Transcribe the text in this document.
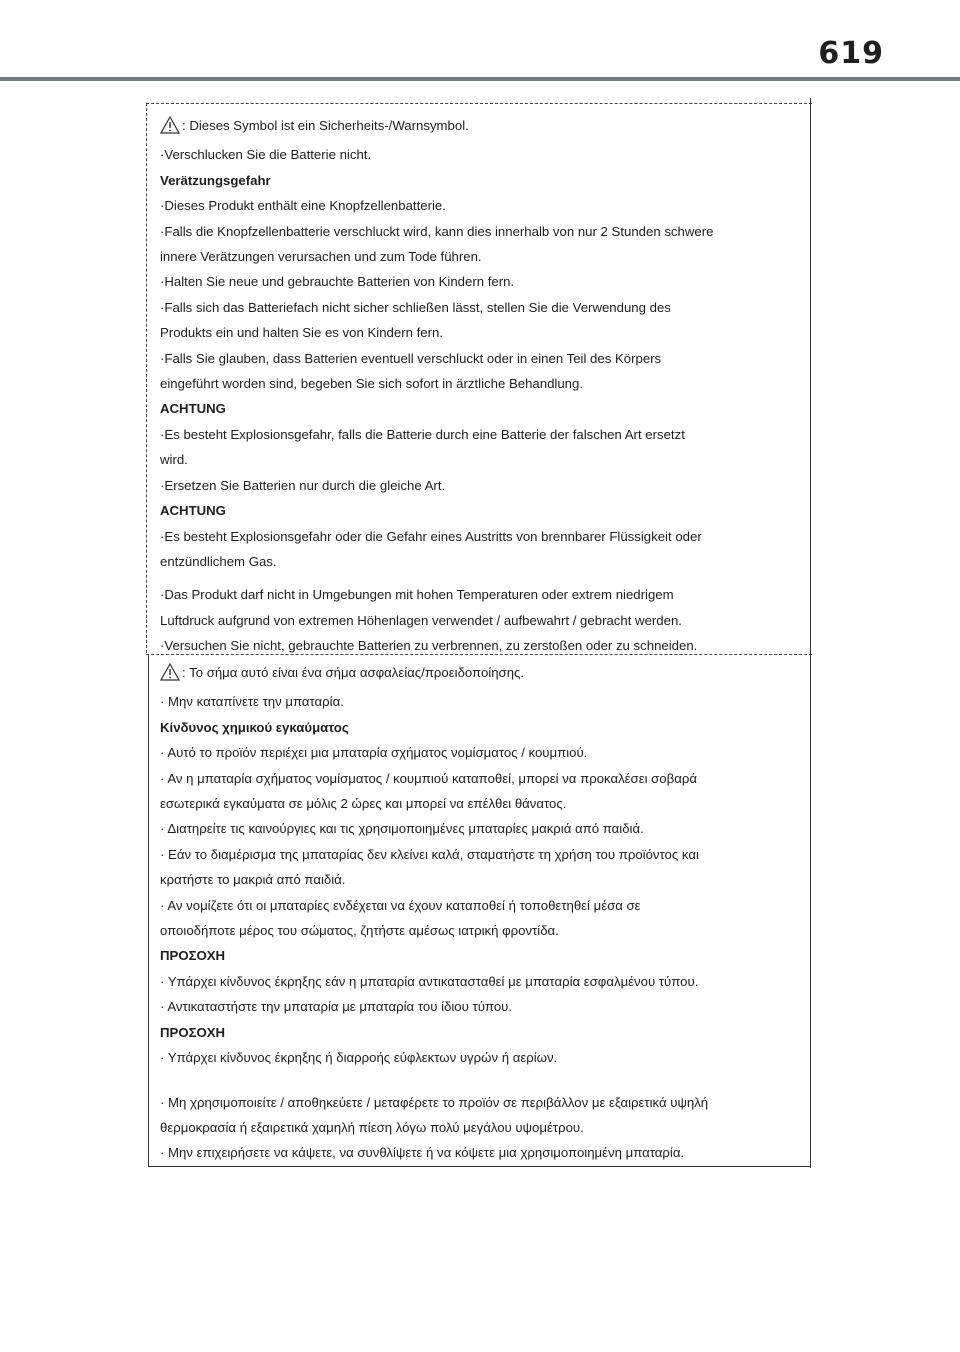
619

: Dieses Symbol ist ein Sicherheits-/Warnsymbol.

·Verschlucken Sie die Batterie nicht.

Verätzungsgefahr

·Dieses Produkt enthält eine Knopfzellenbatterie.

·Falls die Knopfzellenbatterie verschluckt wird, kann dies innerhalb von nur 2 Stunden schwere

innere Verätzungen verursachen und zum Tode führen.

·Halten Sie neue und gebrauchte Batterien von Kindern fern.

·Falls sich das Batteriefach nicht sicher schließen lässt, stellen Sie die Verwendung des

Produkts ein und halten Sie es von Kindern fern.

·Falls Sie glauben, dass Batterien eventuell verschluckt oder in einen Teil des Körpers

eingeführt worden sind, begeben Sie sich sofort in ärztliche Behandlung.

ACHTUNG

·Es besteht Explosionsgefahr, falls die Batterie durch eine Batterie der falschen Art ersetzt

wird.

·Ersetzen Sie Batterien nur durch die gleiche Art.

ACHTUNG

·Es besteht Explosionsgefahr oder die Gefahr eines Austritts von brennbarer Flüssigkeit oder

entzündlichem Gas.

·Das Produkt darf nicht in Umgebungen mit hohen Temperaturen oder extrem niedrigem

Luftdruck aufgrund von extremen Höhenlagen verwendet / aufbewahrt / gebracht werden.

·Versuchen Sie nicht, gebrauchte Batterien zu verbrennen, zu zerstoßen oder zu schneiden.

: Το σήμα αυτό είναι ένα σήμα ασφαλείας/προειδοποίησης.

· Μην καταπίνετε την μπαταρία.

Κίνδυνος χημικού εγκαύματος

· Αυτό το προϊόν περιέχει μια μπαταρία σχήματος νομίσματος / κουμπιού.

· Αν η μπαταρία σχήματος νομίσματος / κουμπιού καταποθεί, μπορεί να προκαλέσει σοβαρά

εσωτερικά εγκαύματα σε μόλις 2 ώρες και μπορεί να επέλθει θάνατος.

· Διατηρείτε τις καινούργιες και τις χρησιμοποιημένες μπαταρίες μακριά από παιδιά.

· Εάν το διαμέρισμα της μπαταρίας δεν κλείνει καλά, σταματήστε τη χρήση του προϊόντος και

κρατήστε το μακριά από παιδιά.

· Αν νομίζετε ότι οι μπαταρίες ενδέχεται να έχουν καταποθεί ή τοποθετηθεί μέσα σε

οποιοδήποτε μέρος του σώματος, ζητήστε αμέσως ιατρική φροντίδα.

ΠΡΟΣΟΧΗ

· Υπάρχει κίνδυνος έκρηξης εάν η μπαταρία αντικατασταθεί με μπαταρία εσφαλμένου τύπου.

· Αντικαταστήστε την μπαταρία με μπαταρία του ίδιου τύπου.

ΠΡΟΣΟΧΗ

· Υπάρχει κίνδυνος έκρηξης ή διαρροής εύφλεκτων υγρών ή αερίων.

· Μη χρησιμοποιείτε / αποθηκεύετε / μεταφέρετε το προϊόν σε περιβάλλον με εξαιρετικά υψηλή

θερμοκρασία ή εξαιρετικά χαμηλή πίεση λόγω πολύ μεγάλου υψομέτρου.

· Μην επιχειρήσετε να κάψετε, να συνθλίψετε ή να κόψετε μια χρησιμοποιημένη μπαταρία.
